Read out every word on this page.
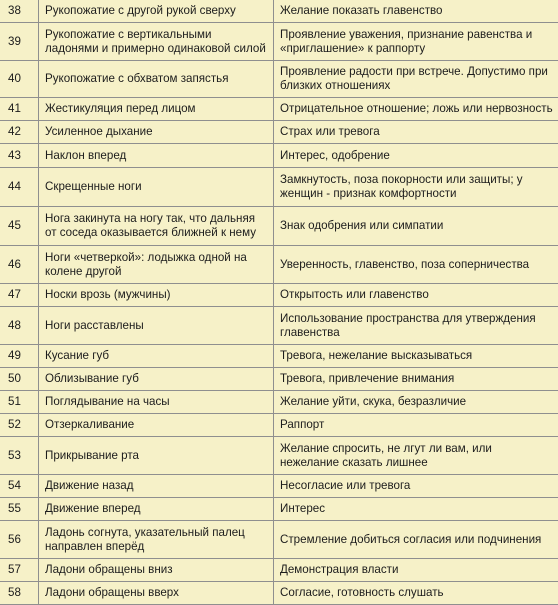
38	Рукопожатие с другой рукой сверху	Желание показать главенство
39	Рукопожатие с вертикальными ладонями и примерно одинаковой силой	Проявление уважения, признание равенства и «приглашение» к раппорту
40	Рукопожатие с обхватом запястья	Проявление радости при встрече. Допустимо при близких отношениях
41	Жестикуляция перед лицом	Отрицательное отношение; ложь или нервозность
42	Усиленное дыхание	Страх или тревога
43	Наклон вперед	Интерес, одобрение
44	Скрещенные ноги	Замкнутость, поза покорности или защиты; у женщин - признак комфортности
45	Нога закинута на ногу так, что дальняя от соседа оказывается ближней к нему	Знак одобрения или симпатии
46	Ноги «четверкой»: лодыжка одной на колене другой	Уверенность, главенство, поза соперничества
47	Носки врозь (мужчины)	Открытость или главенство
48	Ноги расставлены	Использование пространства для утверждения главенства
49	Кусание губ	Тревога, нежелание высказываться
50	Облизывание губ	Тревога, привлечение внимания
51	Поглядывание на часы	Желание уйти, скука, безразличие
52	Отзеркаливание	Раппорт
53	Прикрывание рта	Желание спросить, не лгут ли вам, или нежелание сказать лишнее
54	Движение назад	Несогласие или тревога
55	Движение вперед	Интерес
56	Ладонь согнута, указательный палец направлен вперёд	Стремление добиться согласия или подчинения
57	Ладони обращены вниз	Демонстрация власти
58	Ладони обращены вверх	Согласие, готовность слушать
